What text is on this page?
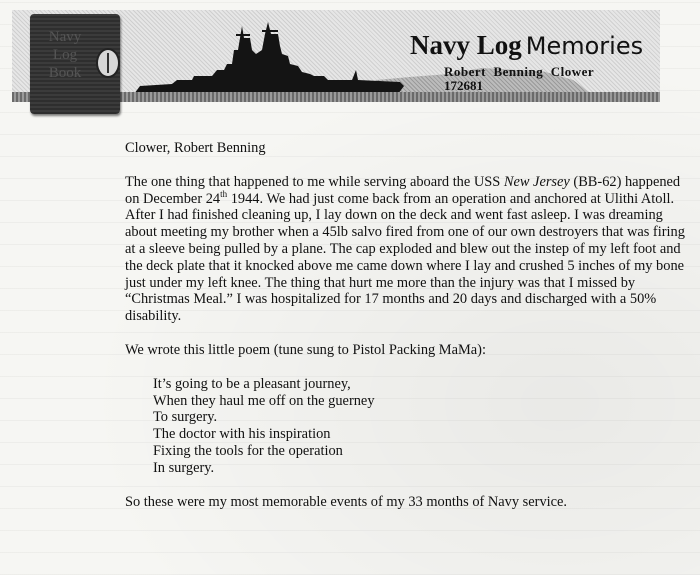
Navy Log Memories
Robert  Benning  Clower
172681
Navy
Log
Book

Clower, Robert Benning

The one thing that happened to me while serving aboard the USS New Jersey (BB-62) happened on December 24th 1944. We had just come back from an operation and anchored at Ulithi Atoll. After I had finished cleaning up, I lay down on the deck and went fast asleep. I was dreaming about meeting my brother when a 45lb salvo fired from one of our own destroyers that was firing at a sleeve being pulled by a plane. The cap exploded and blew out the instep of my left foot and the deck plate that it knocked above me came down where I lay and crushed 5 inches of my bone just under my left knee. The thing that hurt me more than the injury was that I missed by “Christmas Meal.” I was hospitalized for 17 months and 20 days and discharged with a 50% disability.

We wrote this little poem (tune sung to Pistol Packing MaMa):

It’s going to be a pleasant journey,
When they haul me off on the guerney
To surgery.
The doctor with his inspiration
Fixing the tools for the operation
In surgery.

So these were my most memorable events of my 33 months of Navy service.
